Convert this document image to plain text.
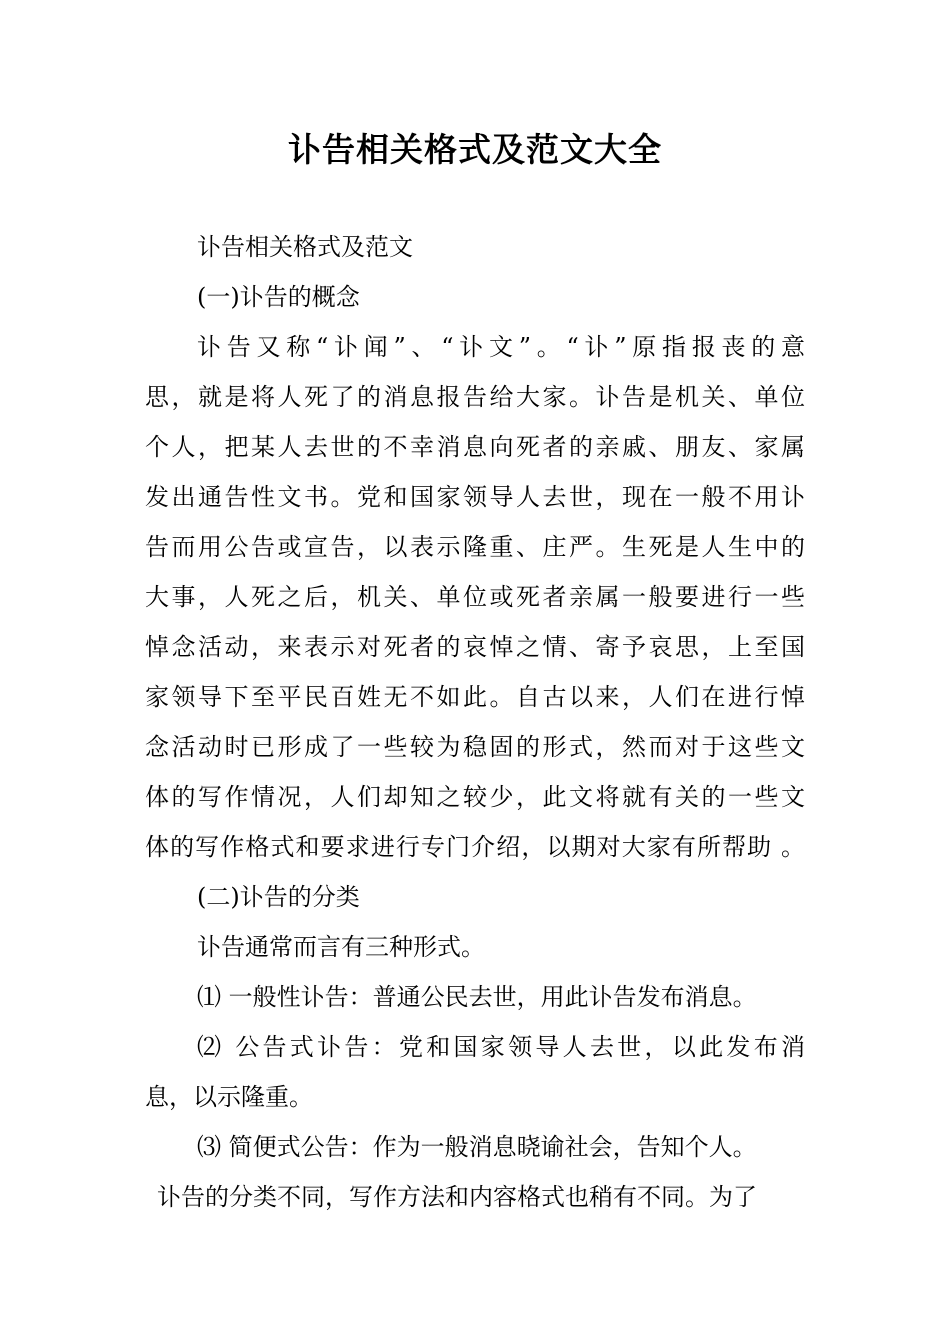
讣告相关格式及范文大全

讣告相关格式及范文

(一)讣告的概念

讣告又称“讣闻”、“讣文”。“讣”原指报丧的意

思，就是将人死了的消息报告给大家。讣告是机关、单位

个人，把某人去世的不幸消息向死者的亲戚、朋友、家属

发出通告性文书。党和国家领导人去世，现在一般不用讣

告而用公告或宣告，以表示隆重、庄严。生死是人生中的

大事，人死之后，机关、单位或死者亲属一般要进行一些

悼念活动，来表示对死者的哀悼之情、寄予哀思，上至国

家领导下至平民百姓无不如此。自古以来，人们在进行悼

念活动时已形成了一些较为稳固的形式，然而对于这些文

体的写作情况，人们却知之较少，此文将就有关的一些文

体的写作格式和要求进行专门介绍，以期对大家有所帮助 。

(二)讣告的分类

讣告通常而言有三种形式。

⑴ 一般性讣告：普通公民去世，用此讣告发布消息。

⑵ 公告式讣告：党和国家领导人去世，以此发布消

息，以示隆重。

⑶ 简便式公告：作为一般消息晓谕社会，告知个人。

讣告的分类不同，写作方法和内容格式也稍有不同。为了
